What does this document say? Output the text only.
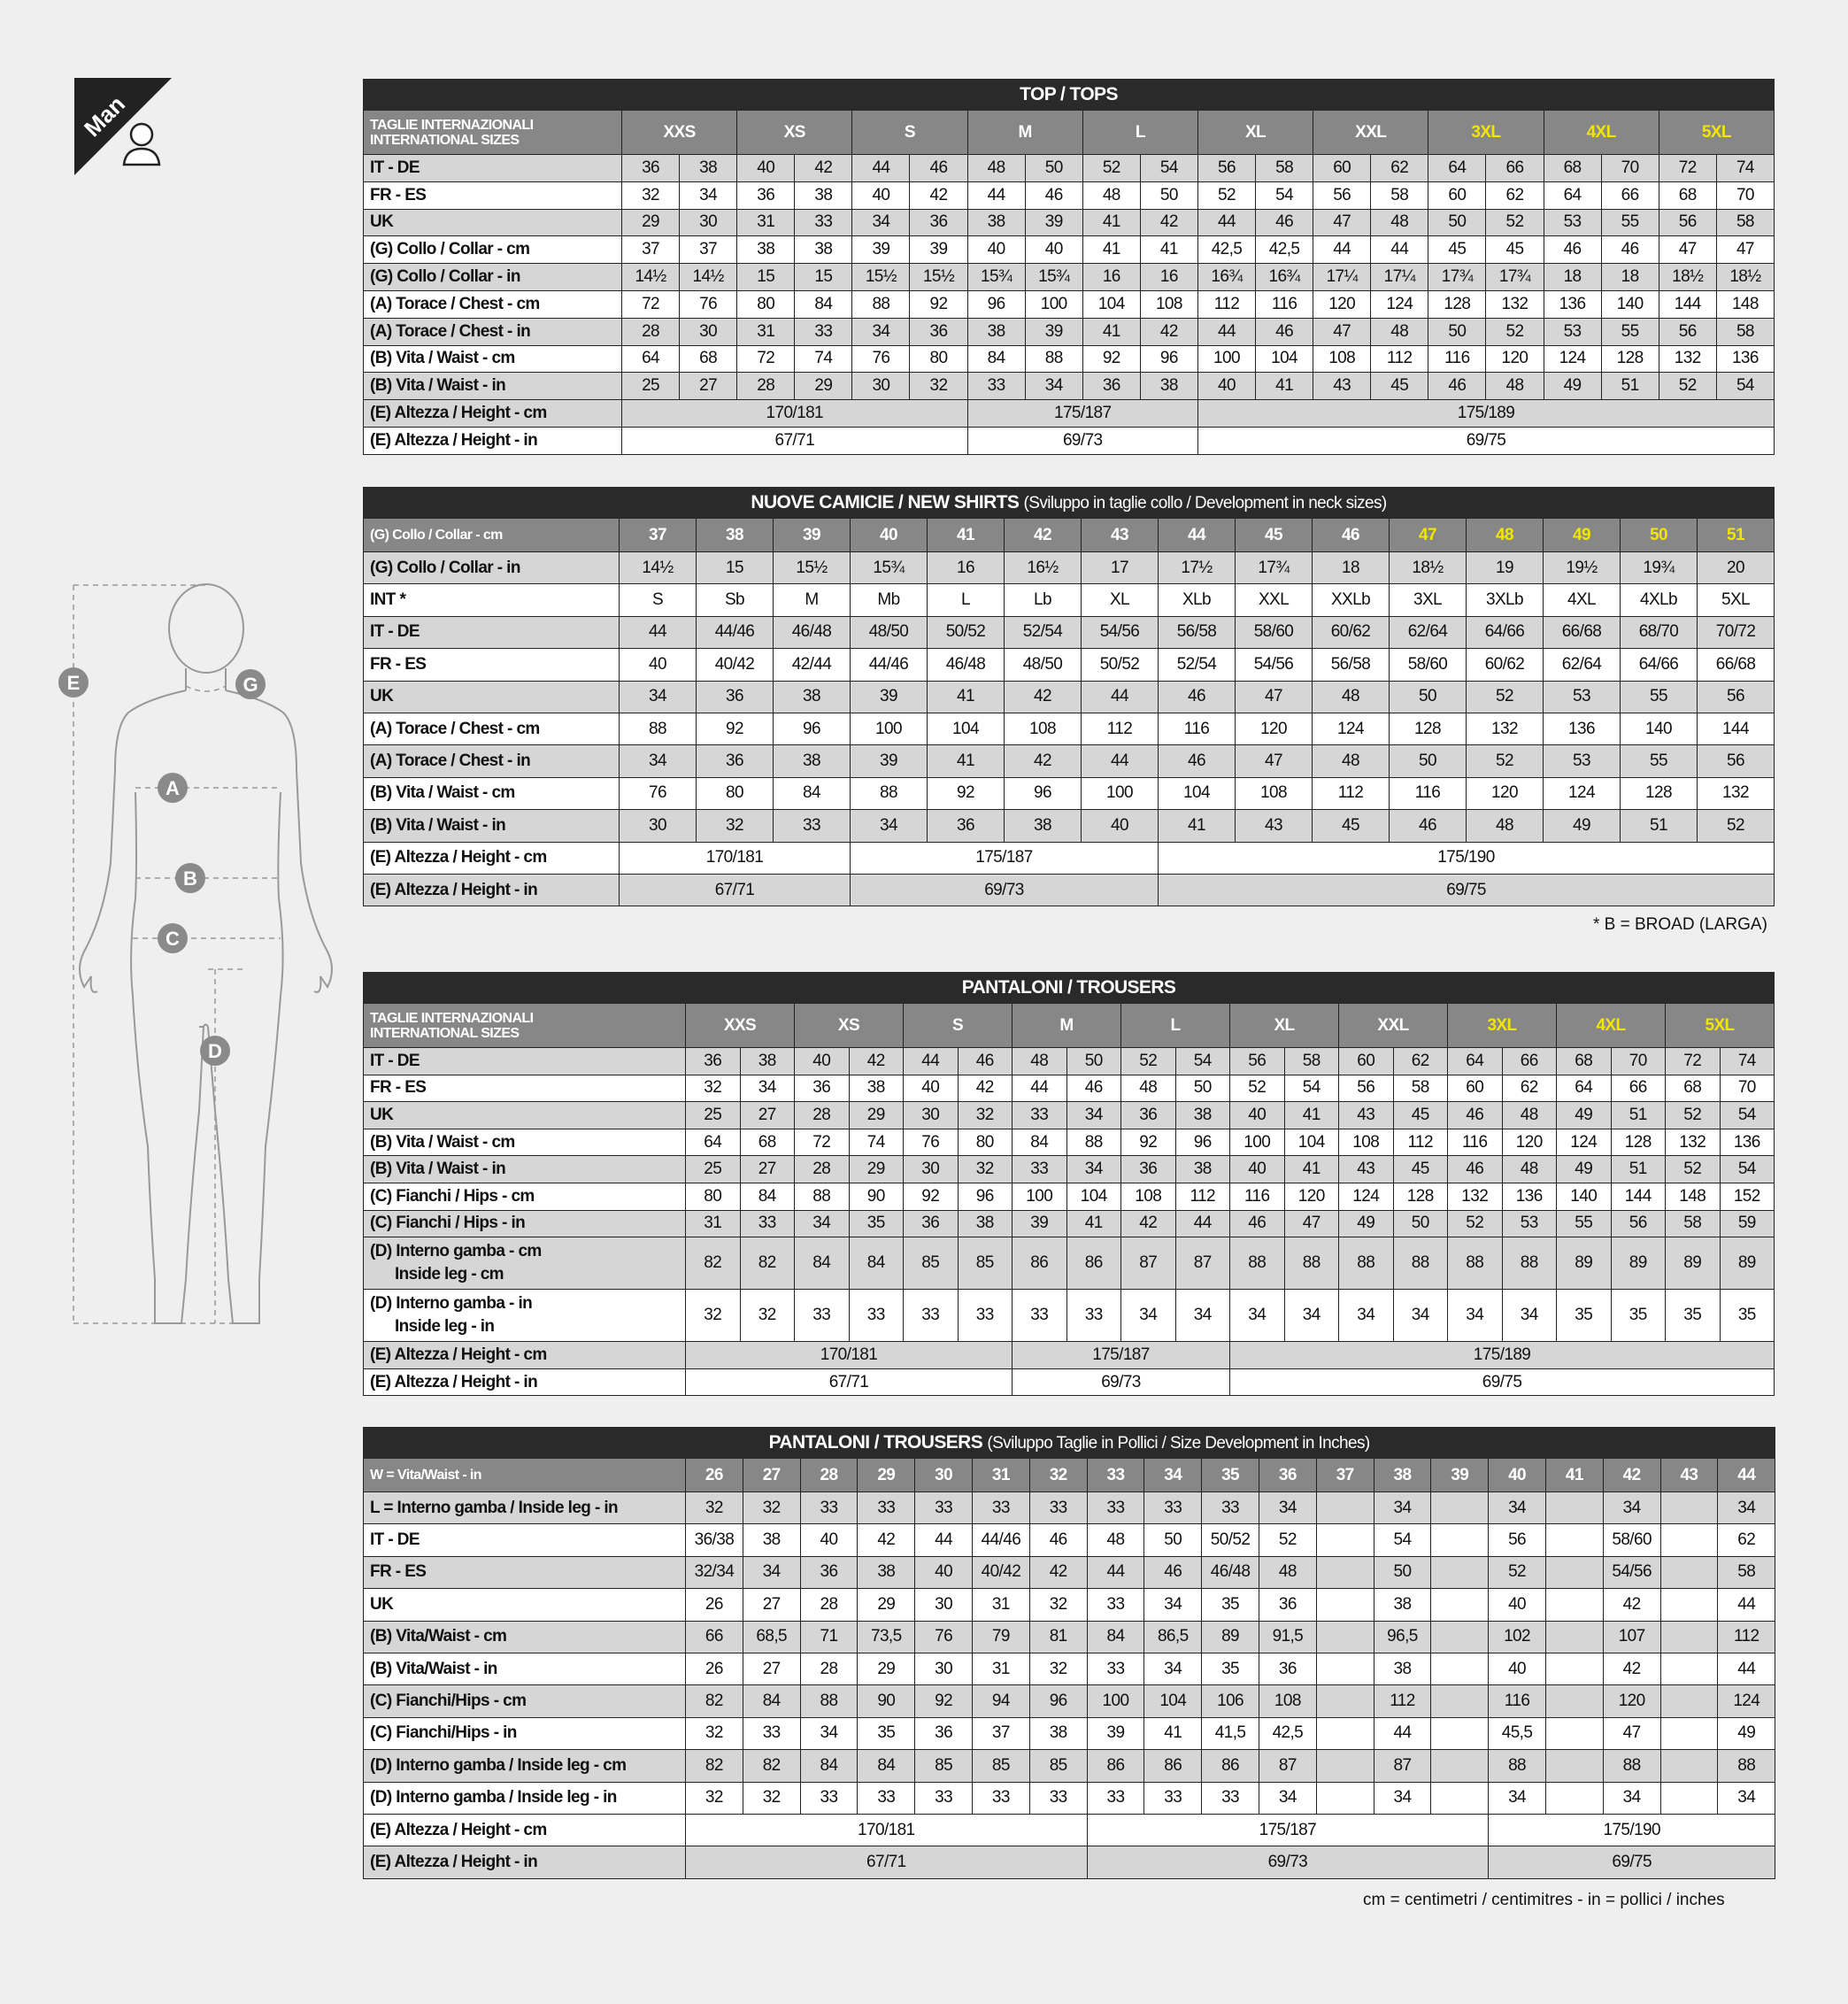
Man
E	G
A
B
C
D
TOP / TOPS																				
TAGLIE INTERNAZIONALI
INTERNATIONAL SIZES	XXS		XS		S		M		L		XL		XXL		3XL		4XL		5XL	
IT - DE	36	38	40	42	44	46	48	50	52	54	56	58	60	62	64	66	68	70	72	74
FR - ES	32	34	36	38	40	42	44	46	48	50	52	54	56	58	60	62	64	66	68	70
UK	29	30	31	33	34	36	38	39	41	42	44	46	47	48	50	52	53	55	56	58
(G) Collo / Collar - cm	37	37	38	38	39	39	40	40	41	41	42,5	42,5	44	44	45	45	46	46	47	47
(G) Collo / Collar - in	14½	14½	15	15	15½	15½	15¾	15¾	16	16	16¾	16¾	17¼	17¼	17¾	17¾	18	18	18½	18½
(A) Torace / Chest - cm	72	76	80	84	88	92	96	100	104	108	112	116	120	124	128	132	136	140	144	148
(A) Torace / Chest - in	28	30	31	33	34	36	38	39	41	42	44	46	47	48	50	52	53	55	56	58
(B) Vita / Waist - cm	64	68	72	74	76	80	84	88	92	96	100	104	108	112	116	120	124	128	132	136
(B) Vita / Waist - in	25	27	28	29	30	32	33	34	36	38	40	41	43	45	46	48	49	51	52	54
(E) Altezza / Height - cm	170/181						175/187				175/189									
(E) Altezza / Height - in	67/71						69/73				69/75									
NUOVE CAMICIE / NEW SHIRTS (Sviluppo in taglie collo / Development in neck sizes)															
(G) Collo / Collar - cm	37	38	39	40	41	42	43	44	45	46	47	48	49	50	51
(G) Collo / Collar - in	14½	15	15½	15¾	16	16½	17	17½	17¾	18	18½	19	19½	19¾	20
INT *	S	Sb	M	Mb	L	Lb	XL	XLb	XXL	XXLb	3XL	3XLb	4XL	4XLb	5XL
IT - DE	44	44/46	46/48	48/50	50/52	52/54	54/56	56/58	58/60	60/62	62/64	64/66	66/68	68/70	70/72
FR - ES	40	40/42	42/44	44/46	46/48	48/50	50/52	52/54	54/56	56/58	58/60	60/62	62/64	64/66	66/68
UK	34	36	38	39	41	42	44	46	47	48	50	52	53	55	56
(A) Torace / Chest - cm	88	92	96	100	104	108	112	116	120	124	128	132	136	140	144
(A) Torace / Chest - in	34	36	38	39	41	42	44	46	47	48	50	52	53	55	56
(B) Vita / Waist - cm	76	80	84	88	92	96	100	104	108	112	116	120	124	128	132
(B) Vita / Waist - in	30	32	33	34	36	38	40	41	43	45	46	48	49	51	52
(E) Altezza / Height - cm	170/181			175/187				175/190							
(E) Altezza / Height - in	67/71			69/73				69/75							
* B = BROAD (LARGA)
PANTALONI / TROUSERS																				
TAGLIE INTERNAZIONALI
INTERNATIONAL SIZES	XXS		XS		S		M		L		XL		XXL		3XL		4XL		5XL	
IT - DE	36	38	40	42	44	46	48	50	52	54	56	58	60	62	64	66	68	70	72	74
FR - ES	32	34	36	38	40	42	44	46	48	50	52	54	56	58	60	62	64	66	68	70
UK	25	27	28	29	30	32	33	34	36	38	40	41	43	45	46	48	49	51	52	54
(B) Vita / Waist - cm	64	68	72	74	76	80	84	88	92	96	100	104	108	112	116	120	124	128	132	136
(B) Vita / Waist - in	25	27	28	29	30	32	33	34	36	38	40	41	43	45	46	48	49	51	52	54
(C) Fianchi / Hips - cm	80	84	88	90	92	96	100	104	108	112	116	120	124	128	132	136	140	144	148	152
(C) Fianchi / Hips - in	31	33	34	35	36	38	39	41	42	44	46	47	49	50	52	53	55	56	58	59
(D) Interno gamba - cm
Inside leg - cm	82	82	84	84	85	85	86	86	87	87	88	88	88	88	88	88	89	89	89	89
(D) Interno gamba - in
Inside leg - in	32	32	33	33	33	33	33	33	34	34	34	34	34	34	34	34	35	35	35	35
(E) Altezza / Height - cm	170/181						175/187				175/189									
(E) Altezza / Height - in	67/71						69/73				69/75									
PANTALONI / TROUSERS (Sviluppo Taglie in Pollici / Size Development in Inches)																			
W = Vita/Waist - in	26	27	28	29	30	31	32	33	34	35	36	37	38	39	40	41	42	43	44
L = Interno gamba / Inside leg - in	32	32	33	33	33	33	33	33	33	33	34		34		34		34		34
IT - DE	36/38	38	40	42	44	44/46	46	48	50	50/52	52		54		56		58/60		62
FR - ES	32/34	34	36	38	40	40/42	42	44	46	46/48	48		50		52		54/56		58
UK	26	27	28	29	30	31	32	33	34	35	36		38		40		42		44
(B) Vita/Waist - cm	66	68,5	71	73,5	76	79	81	84	86,5	89	91,5		96,5		102		107		112
(B) Vita/Waist - in	26	27	28	29	30	31	32	33	34	35	36		38		40		42		44
(C) Fianchi/Hips - cm	82	84	88	90	92	94	96	100	104	106	108		112		116		120		124
(C) Fianchi/Hips - in	32	33	34	35	36	37	38	39	41	41,5	42,5		44		45,5		47		49
(D) Interno gamba / Inside leg - cm	82	82	84	84	85	85	85	86	86	86	87		87		88		88		88
(D) Interno gamba / Inside leg - in	32	32	33	33	33	33	33	33	33	33	34		34		34		34		34
(E) Altezza / Height - cm	170/181							175/187							175/190				
(E) Altezza / Height - in	67/71							69/73							69/75				
cm = centimetri / centimitres - in = pollici / inches
